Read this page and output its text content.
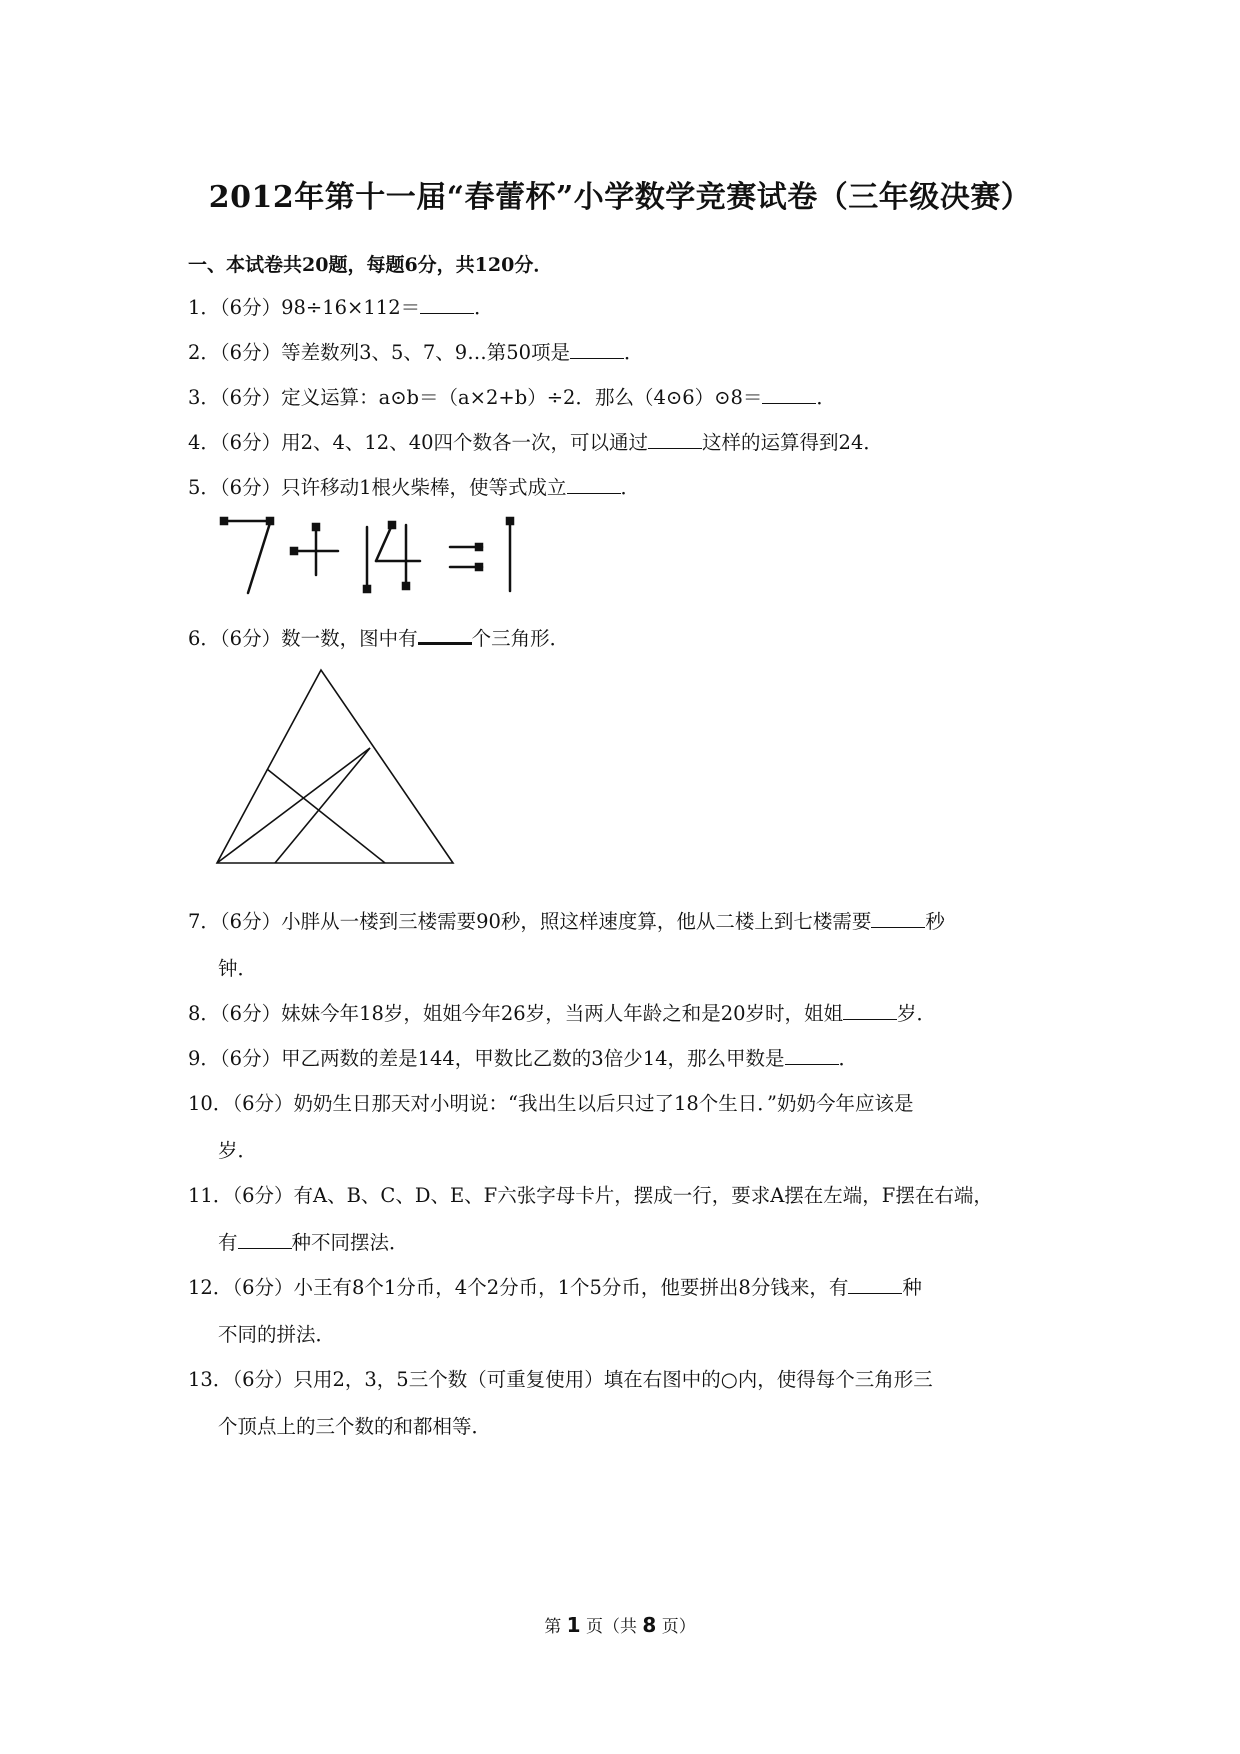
2012年第十一届“春蕾杯”小学数学竞赛试卷（三年级决赛）
一、本试卷共20题，每题6分，共120分．
1．（6分）98÷16×112＝	．
2．（6分）等差数列3、5、7、9…第50项是	．
3．（6分）定义运算：a⊙b＝（a×2+b）÷2．那么（4⊙6）⊙8＝	．
4．（6分）用2、4、12、40四个数各一次，可以通过	这样的运算得到24．
5．（6分）只许移动1根火柴棒，使等式成立	．
6．（6分）数一数，图中有	个三角形．
7．（6分）小胖从一楼到三楼需要90秒，照这样速度算，他从二楼上到七楼需要	秒
钟．
8．（6分）妹妹今年18岁，姐姐今年26岁，当两人年龄之和是20岁时，姐姐	岁．
9．（6分）甲乙两数的差是144，甲数比乙数的3倍少14，那么甲数是	．
10．（6分）奶奶生日那天对小明说：“我出生以后只过了18个生日．”奶奶今年应该是
岁．
11．（6分）有A、B、C、D、E、F六张字母卡片，摆成一行，要求A摆在左端，F摆在右端，
有	种不同摆法．
12．（6分）小王有8个1分币，4个2分币，1个5分币，他要拼出8分钱来，有	种
不同的拼法．
13．（6分）只用2，3，5三个数（可重复使用）填在右图中的○内，使得每个三角形三
个顶点上的三个数的和都相等．
第 1 页（共 8 页）
